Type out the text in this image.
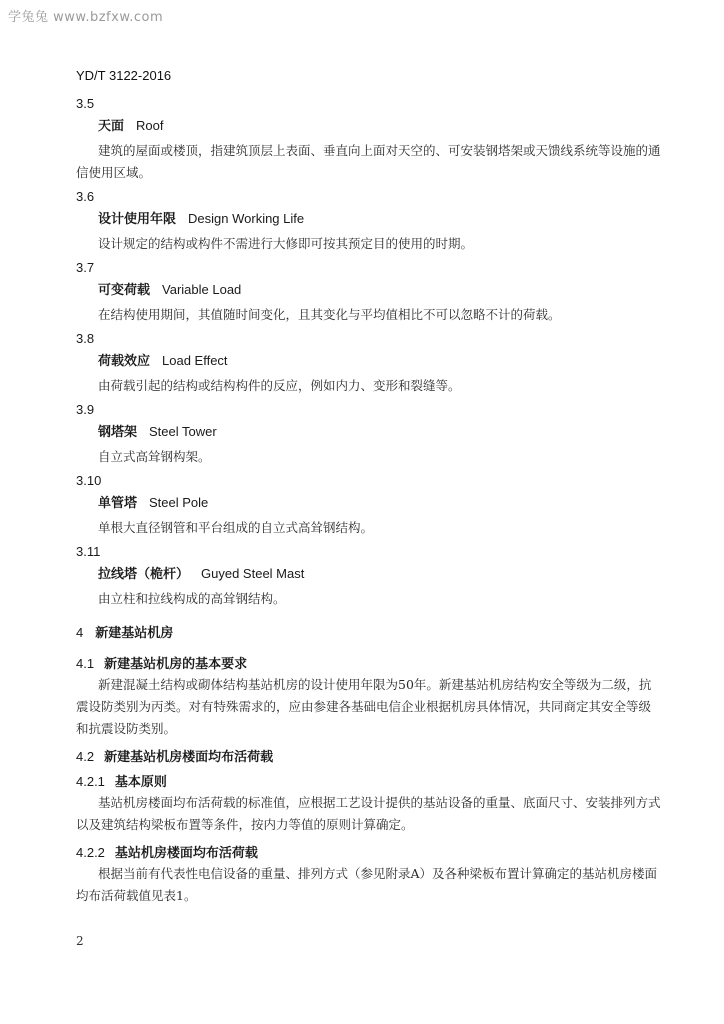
学兔兔 www.bzfxw.com
YD/T 3122-2016

3.5

天面 Roof

建筑的屋面或楼顶，指建筑顶层上表面、垂直向上面对天空的、可安装钢塔架或天馈线系统等设施的通信使用区域。

3.6

设计使用年限 Design Working Life

设计规定的结构或构件不需进行大修即可按其预定目的使用的时期。

3.7

可变荷载 Variable Load

在结构使用期间，其值随时间变化，且其变化与平均值相比不可以忽略不计的荷载。

3.8

荷载效应 Load Effect

由荷载引起的结构或结构构件的反应，例如内力、变形和裂缝等。

3.9

钢塔架 Steel Tower

自立式高耸钢构架。

3.10

单管塔 Steel Pole

单根大直径钢管和平台组成的自立式高耸钢结构。

3.11

拉线塔（桅杆） Guyed Steel Mast

由立柱和拉线构成的高耸钢结构。

4 新建基站机房
4.1 新建基站机房的基本要求

新建混凝土结构或砌体结构基站机房的设计使用年限为50年。新建基站机房结构安全等级为二级，抗震设防类别为丙类。对有特殊需求的，应由参建各基础电信企业根据机房具体情况，共同商定其安全等级和抗震设防类别。

4.2 新建基站机房楼面均布活荷载
4.2.1 基本原则

基站机房楼面均布活荷载的标准值，应根据工艺设计提供的基站设备的重量、底面尺寸、安装排列方式以及建筑结构梁板布置等条件，按内力等值的原则计算确定。

4.2.2 基站机房楼面均布活荷载

根据当前有代表性电信设备的重量、排列方式（参见附录A）及各种梁板布置计算确定的基站机房楼面均布活荷载值见表1。

2
